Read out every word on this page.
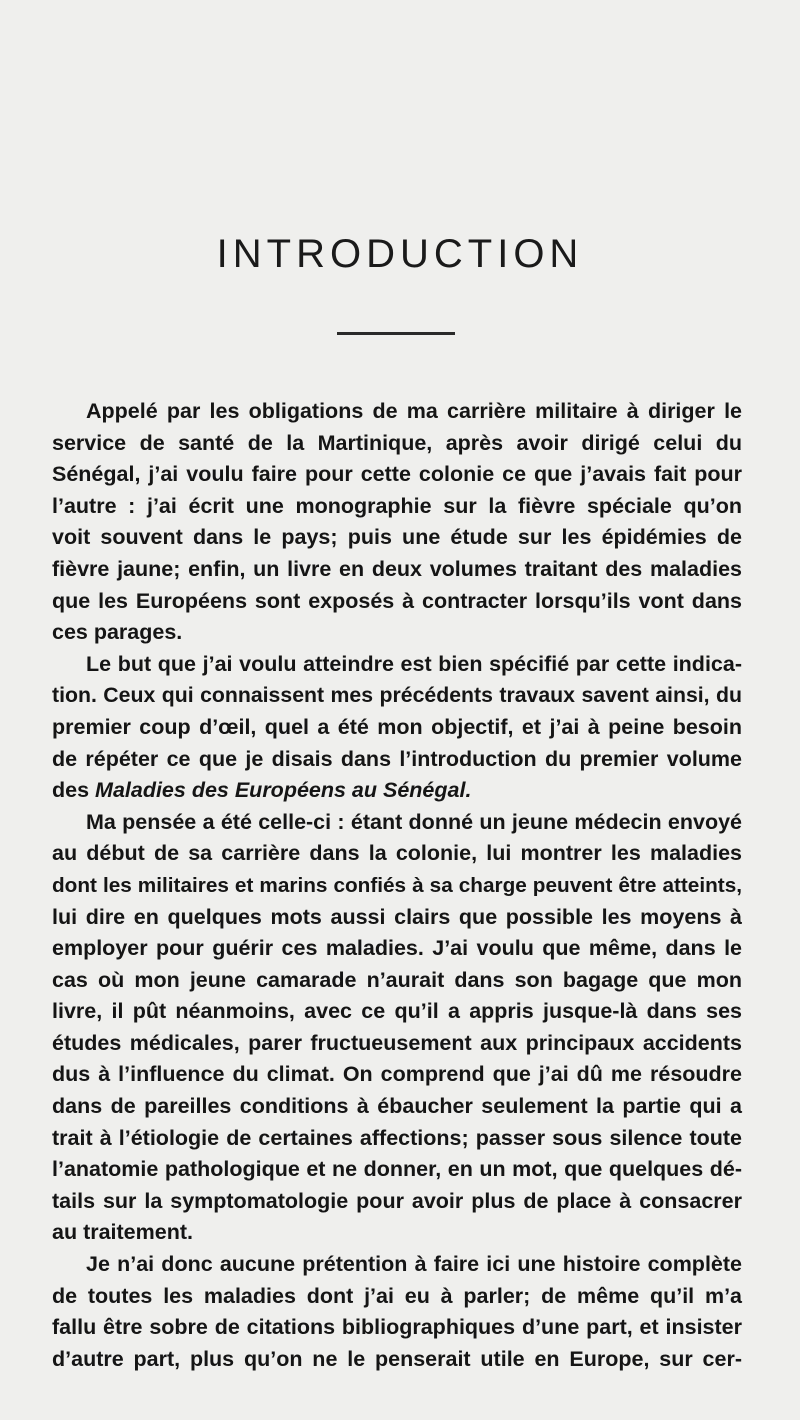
INTRODUCTION
Appelé par les obligations de ma carrière militaire à diriger le
service de santé de la Martinique, après avoir dirigé celui du
Sénégal, j’ai voulu faire pour cette colonie ce que j’avais fait pour
l’autre : j’ai écrit une monographie sur la fièvre spéciale qu’on
voit souvent dans le pays; puis une étude sur les épidémies de
fièvre jaune; enfin, un livre en deux volumes traitant des maladies
que les Européens sont exposés à contracter lorsqu’ils vont dans
ces parages.
Le but que j’ai voulu atteindre est bien spécifié par cette indica-
tion. Ceux qui connaissent mes précédents travaux savent ainsi, du
premier coup d’œil, quel a été mon objectif, et j’ai à peine besoin
de répéter ce que je disais dans l’introduction du premier volume
des Maladies des Européens au Sénégal.
Ma pensée a été celle-ci : étant donné un jeune médecin envoyé
au début de sa carrière dans la colonie, lui montrer les maladies
dont les militaires et marins confiés à sa charge peuvent être atteints,
lui dire en quelques mots aussi clairs que possible les moyens à
employer pour guérir ces maladies. J’ai voulu que même, dans le
cas où mon jeune camarade n’aurait dans son bagage que mon
livre, il pût néanmoins, avec ce qu’il a appris jusque-là dans ses
études médicales, parer fructueusement aux principaux accidents
dus à l’influence du climat. On comprend que j’ai dû me résoudre
dans de pareilles conditions à ébaucher seulement la partie qui a
trait à l’étiologie de certaines affections; passer sous silence toute
l’anatomie pathologique et ne donner, en un mot, que quelques dé-
tails sur la symptomatologie pour avoir plus de place à consacrer
au traitement.
Je n’ai donc aucune prétention à faire ici une histoire complète
de toutes les maladies dont j’ai eu à parler; de même qu’il m’a
fallu être sobre de citations bibliographiques d’une part, et insister
d’autre part, plus qu’on ne le penserait utile en Europe, sur cer-
